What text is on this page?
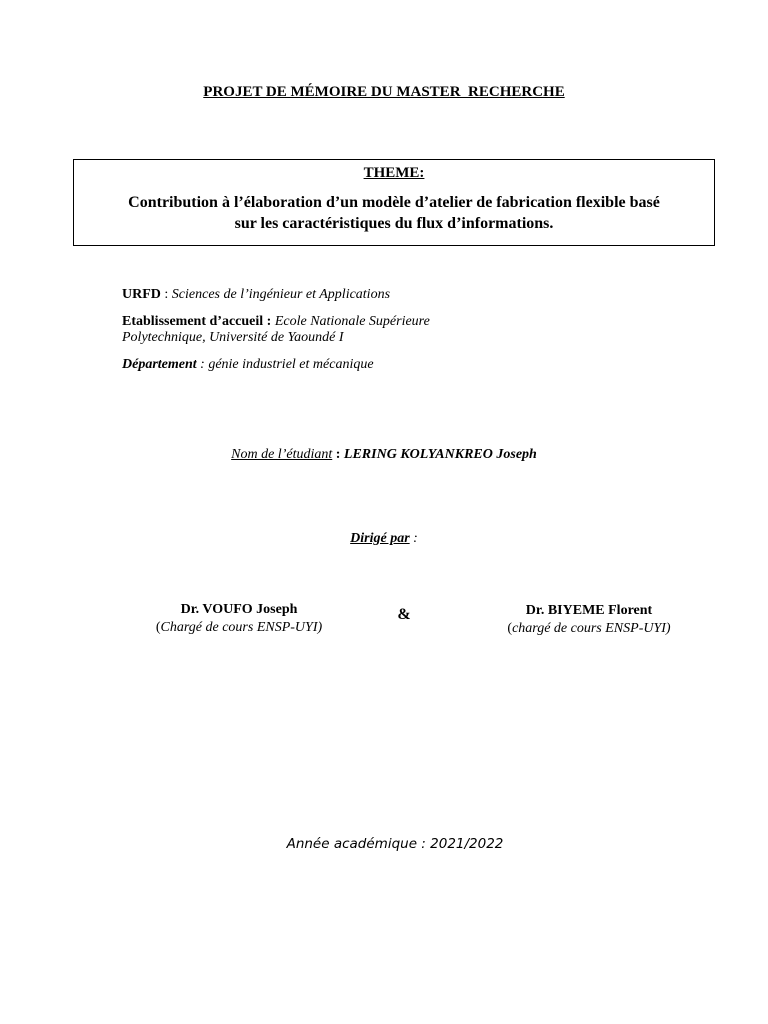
PROJET DE MÉMOIRE DU MASTER  RECHERCHE
THEME:
Contribution à l’élaboration d’un modèle d’atelier de fabrication flexible basé
sur les caractéristiques du flux d’informations.
URFD : Sciences de l’ingénieur et Applications
Etablissement d’accueil : Ecole Nationale Supérieure
Polytechnique, Université de Yaoundé I
Département : génie industriel et mécanique
Nom de l’étudiant : LERING KOLYANKREO Joseph
Dirigé par :
Dr. VOUFO Joseph
(Chargé de cours ENSP-UYI)
&	Dr. BIYEME Florent
(chargé de cours ENSP-UYI)
Année académique : 2021/2022
